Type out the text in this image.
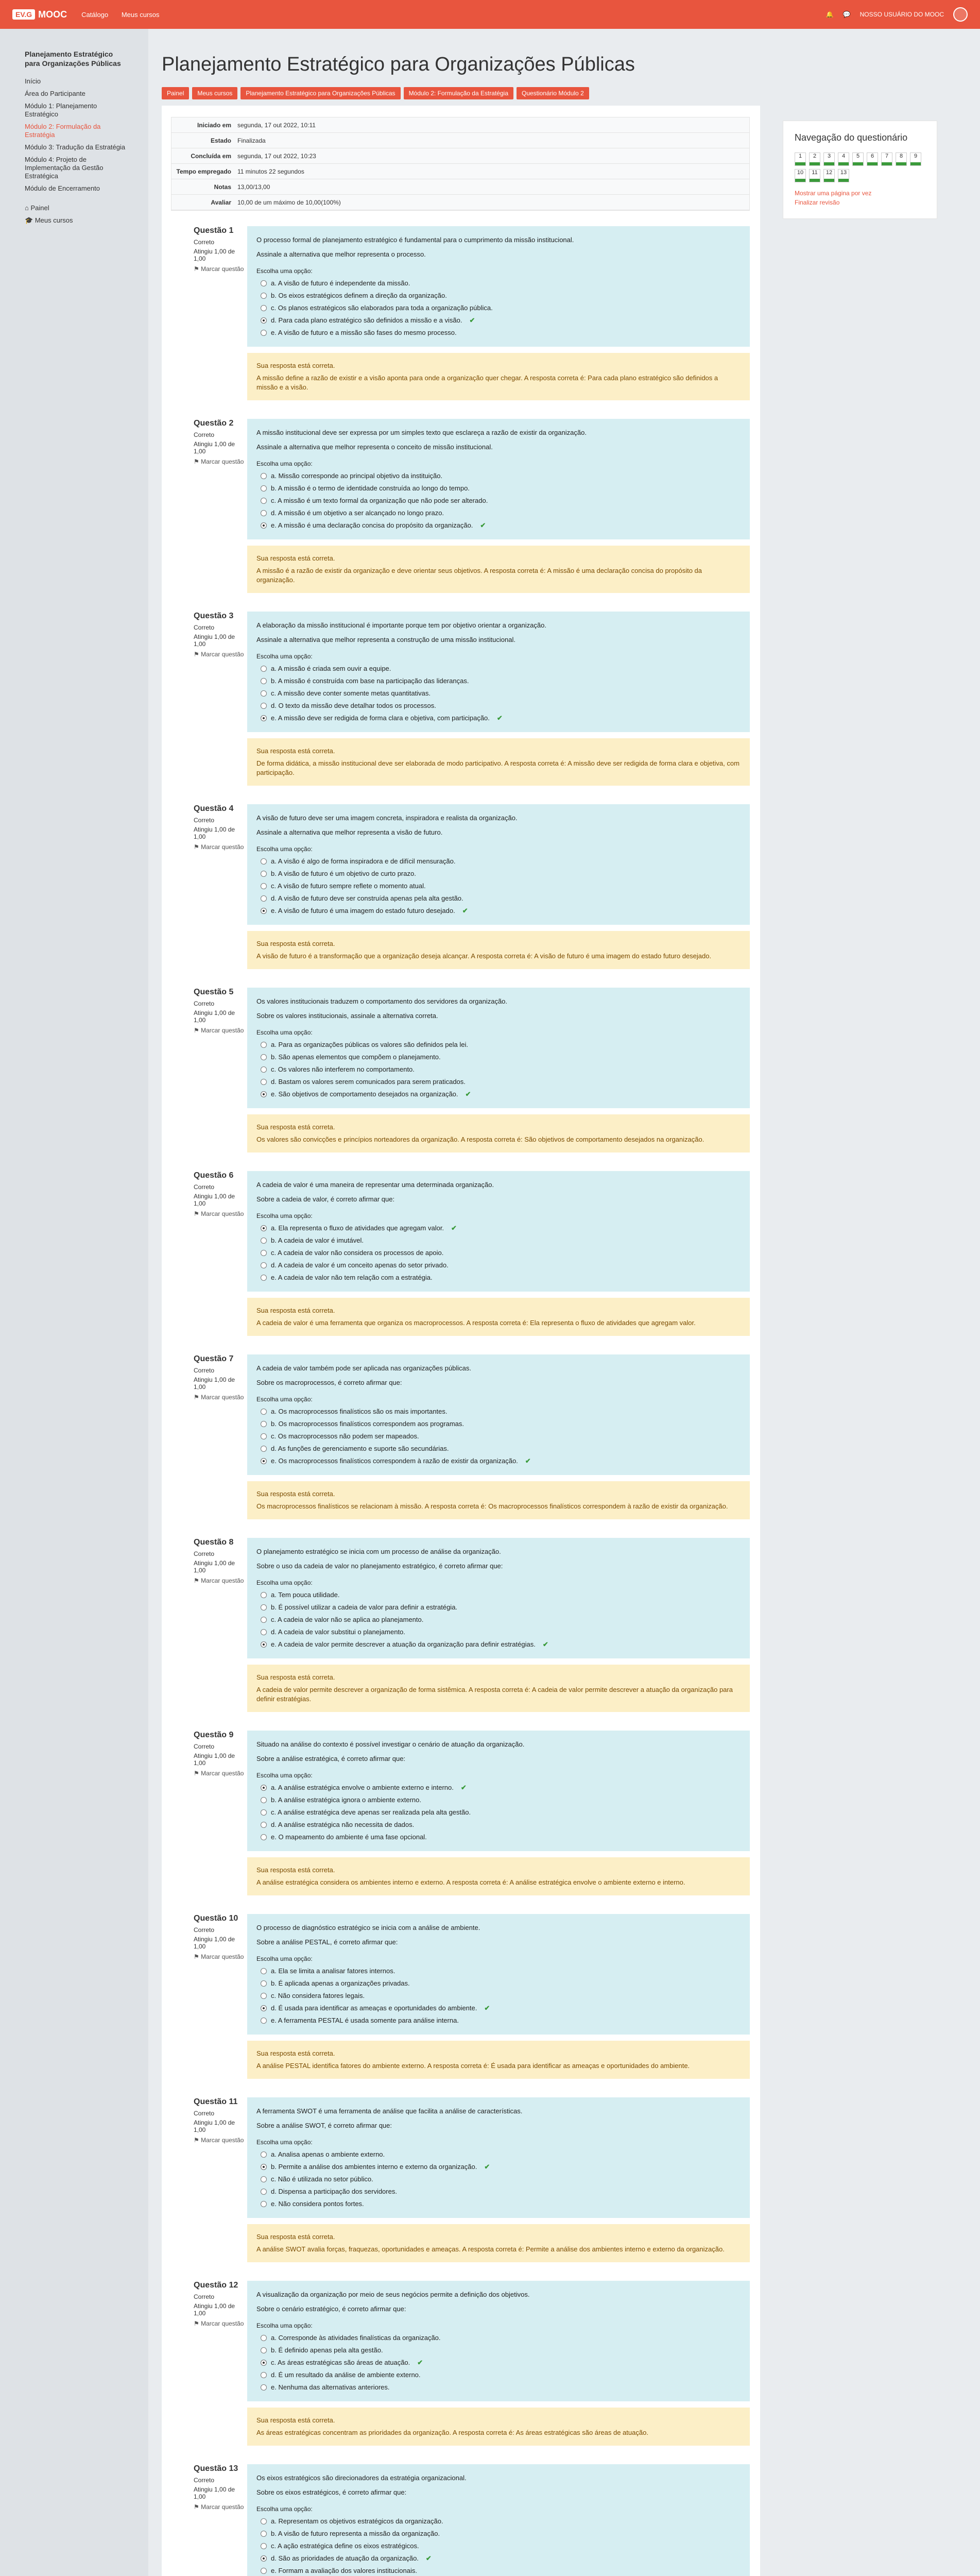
EV.G MOOC Catálogo Meus cursos	🔔 💬 NOSSO USUÁRIO DO MOOC
Planejamento Estratégico para Organizações Públicas
Início
Área do Participante
Módulo 1: Planejamento Estratégico
Módulo 2: Formulação da Estratégia
Módulo 3: Tradução da Estratégia
Módulo 4: Projeto de Implementação da Gestão Estratégica
Módulo de Encerramento
⌂ Painel
🎓 Meus cursos
Planejamento Estratégico para Organizações Públicas
Painel	Meus cursos	Planejamento Estratégico para Organizações Públicas	Módulo 2: Formulação da Estratégia	Questionário Módulo 2
Iniciado em	segunda, 17 out 2022, 10:11
Estado	Finalizada
Concluída em	segunda, 17 out 2022, 10:23
Tempo empregado	11 minutos 22 segundos
Notas	13,00/13,00
Avaliar	10,00 de um máximo de 10,00(100%)
Questão 1
Correto
Atingiu 1,00 de 1,00
⚑ Marcar questão
O processo formal de planejamento estratégico é fundamental para o cumprimento da missão institucional.
Assinale a alternativa que melhor representa o processo.
Escolha uma opção:
a. A visão de futuro é independente da missão.
b. Os eixos estratégicos definem a direção da organização.
c. Os planos estratégicos são elaborados para toda a organização pública.
d. Para cada plano estratégico são definidos a missão e a visão. ✔
e. A visão de futuro e a missão são fases do mesmo processo.
Sua resposta está correta.
A missão define a razão de existir e a visão aponta para onde a organização quer chegar. A resposta correta é: Para cada plano estratégico são definidos a missão e a visão.
Questão 2
Correto
Atingiu 1,00 de 1,00
⚑ Marcar questão
A missão institucional deve ser expressa por um simples texto que esclareça a razão de existir da organização.
Assinale a alternativa que melhor representa o conceito de missão institucional.
Escolha uma opção:
a. Missão corresponde ao principal objetivo da instituição.
b. A missão é o termo de identidade construída ao longo do tempo.
c. A missão é um texto formal da organização que não pode ser alterado.
d. A missão é um objetivo a ser alcançado no longo prazo.
e. A missão é uma declaração concisa do propósito da organização. ✔
Sua resposta está correta.
A missão é a razão de existir da organização e deve orientar seus objetivos. A resposta correta é: A missão é uma declaração concisa do propósito da organização.
Questão 3
Correto
Atingiu 1,00 de 1,00
⚑ Marcar questão
A elaboração da missão institucional é importante porque tem por objetivo orientar a organização.
Assinale a alternativa que melhor representa a construção de uma missão institucional.
Escolha uma opção:
a. A missão é criada sem ouvir a equipe.
b. A missão é construída com base na participação das lideranças.
c. A missão deve conter somente metas quantitativas.
d. O texto da missão deve detalhar todos os processos.
e. A missão deve ser redigida de forma clara e objetiva, com participação. ✔
Sua resposta está correta.
De forma didática, a missão institucional deve ser elaborada de modo participativo. A resposta correta é: A missão deve ser redigida de forma clara e objetiva, com participação.
Questão 4
Correto
Atingiu 1,00 de 1,00
⚑ Marcar questão
A visão de futuro deve ser uma imagem concreta, inspiradora e realista da organização.
Assinale a alternativa que melhor representa a visão de futuro.
Escolha uma opção:
a. A visão é algo de forma inspiradora e de difícil mensuração.
b. A visão de futuro é um objetivo de curto prazo.
c. A visão de futuro sempre reflete o momento atual.
d. A visão de futuro deve ser construída apenas pela alta gestão.
e. A visão de futuro é uma imagem do estado futuro desejado. ✔
Sua resposta está correta.
A visão de futuro é a transformação que a organização deseja alcançar. A resposta correta é: A visão de futuro é uma imagem do estado futuro desejado.
Questão 5
Correto
Atingiu 1,00 de 1,00
⚑ Marcar questão
Os valores institucionais traduzem o comportamento dos servidores da organização.
Sobre os valores institucionais, assinale a alternativa correta.
Escolha uma opção:
a. Para as organizações públicas os valores são definidos pela lei.
b. São apenas elementos que compõem o planejamento.
c. Os valores não interferem no comportamento.
d. Bastam os valores serem comunicados para serem praticados.
e. São objetivos de comportamento desejados na organização. ✔
Sua resposta está correta.
Os valores são convicções e princípios norteadores da organização. A resposta correta é: São objetivos de comportamento desejados na organização.
Questão 6
Correto
Atingiu 1,00 de 1,00
⚑ Marcar questão
A cadeia de valor é uma maneira de representar uma determinada organização.
Sobre a cadeia de valor, é correto afirmar que:
Escolha uma opção:
a. Ela representa o fluxo de atividades que agregam valor. ✔
b. A cadeia de valor é imutável.
c. A cadeia de valor não considera os processos de apoio.
d. A cadeia de valor é um conceito apenas do setor privado.
e. A cadeia de valor não tem relação com a estratégia.
Sua resposta está correta.
A cadeia de valor é uma ferramenta que organiza os macroprocessos. A resposta correta é: Ela representa o fluxo de atividades que agregam valor.
Questão 7
Correto
Atingiu 1,00 de 1,00
⚑ Marcar questão
A cadeia de valor também pode ser aplicada nas organizações públicas.
Sobre os macroprocessos, é correto afirmar que:
Escolha uma opção:
a. Os macroprocessos finalísticos são os mais importantes.
b. Os macroprocessos finalísticos correspondem aos programas.
c. Os macroprocessos não podem ser mapeados.
d. As funções de gerenciamento e suporte são secundárias.
e. Os macroprocessos finalísticos correspondem à razão de existir da organização. ✔
Sua resposta está correta.
Os macroprocessos finalísticos se relacionam à missão. A resposta correta é: Os macroprocessos finalísticos correspondem à razão de existir da organização.
Questão 8
Correto
Atingiu 1,00 de 1,00
⚑ Marcar questão
O planejamento estratégico se inicia com um processo de análise da organização.
Sobre o uso da cadeia de valor no planejamento estratégico, é correto afirmar que:
Escolha uma opção:
a. Tem pouca utilidade.
b. É possível utilizar a cadeia de valor para definir a estratégia.
c. A cadeia de valor não se aplica ao planejamento.
d. A cadeia de valor substitui o planejamento.
e. A cadeia de valor permite descrever a atuação da organização para definir estratégias. ✔
Sua resposta está correta.
A cadeia de valor permite descrever a organização de forma sistêmica. A resposta correta é: A cadeia de valor permite descrever a atuação da organização para definir estratégias.
Questão 9
Correto
Atingiu 1,00 de 1,00
⚑ Marcar questão
Situado na análise do contexto é possível investigar o cenário de atuação da organização.
Sobre a análise estratégica, é correto afirmar que:
Escolha uma opção:
a. A análise estratégica envolve o ambiente externo e interno. ✔
b. A análise estratégica ignora o ambiente externo.
c. A análise estratégica deve apenas ser realizada pela alta gestão.
d. A análise estratégica não necessita de dados.
e. O mapeamento do ambiente é uma fase opcional.
Sua resposta está correta.
A análise estratégica considera os ambientes interno e externo. A resposta correta é: A análise estratégica envolve o ambiente externo e interno.
Questão 10
Correto
Atingiu 1,00 de 1,00
⚑ Marcar questão
O processo de diagnóstico estratégico se inicia com a análise de ambiente.
Sobre a análise PESTAL, é correto afirmar que:
Escolha uma opção:
a. Ela se limita a analisar fatores internos.
b. É aplicada apenas a organizações privadas.
c. Não considera fatores legais.
d. É usada para identificar as ameaças e oportunidades do ambiente. ✔
e. A ferramenta PESTAL é usada somente para análise interna.
Sua resposta está correta.
A análise PESTAL identifica fatores do ambiente externo. A resposta correta é: É usada para identificar as ameaças e oportunidades do ambiente.
Questão 11
Correto
Atingiu 1,00 de 1,00
⚑ Marcar questão
A ferramenta SWOT é uma ferramenta de análise que facilita a análise de características.
Sobre a análise SWOT, é correto afirmar que:
Escolha uma opção:
a. Analisa apenas o ambiente externo.
b. Permite a análise dos ambientes interno e externo da organização. ✔
c. Não é utilizada no setor público.
d. Dispensa a participação dos servidores.
e. Não considera pontos fortes.
Sua resposta está correta.
A análise SWOT avalia forças, fraquezas, oportunidades e ameaças. A resposta correta é: Permite a análise dos ambientes interno e externo da organização.
Questão 12
Correto
Atingiu 1,00 de 1,00
⚑ Marcar questão
A visualização da organização por meio de seus negócios permite a definição dos objetivos.
Sobre o cenário estratégico, é correto afirmar que:
Escolha uma opção:
a. Corresponde às atividades finalísticas da organização.
b. É definido apenas pela alta gestão.
c. As áreas estratégicas são áreas de atuação. ✔
d. É um resultado da análise de ambiente externo.
e. Nenhuma das alternativas anteriores.
Sua resposta está correta.
As áreas estratégicas concentram as prioridades da organização. A resposta correta é: As áreas estratégicas são áreas de atuação.
Questão 13
Correto
Atingiu 1,00 de 1,00
⚑ Marcar questão
Os eixos estratégicos são direcionadores da estratégia organizacional.
Sobre os eixos estratégicos, é correto afirmar que:
Escolha uma opção:
a. Representam os objetivos estratégicos da organização.
b. A visão de futuro representa a missão da organização.
c. A ação estratégica define os eixos estratégicos.
d. São as prioridades de atuação da organização. ✔
e. Formam a avaliação dos valores institucionais.
Navegação do questionário
1 2 3 4 5 6 7 8 9
10 11 12 13
Mostrar uma página por vez
Finalizar revisão
